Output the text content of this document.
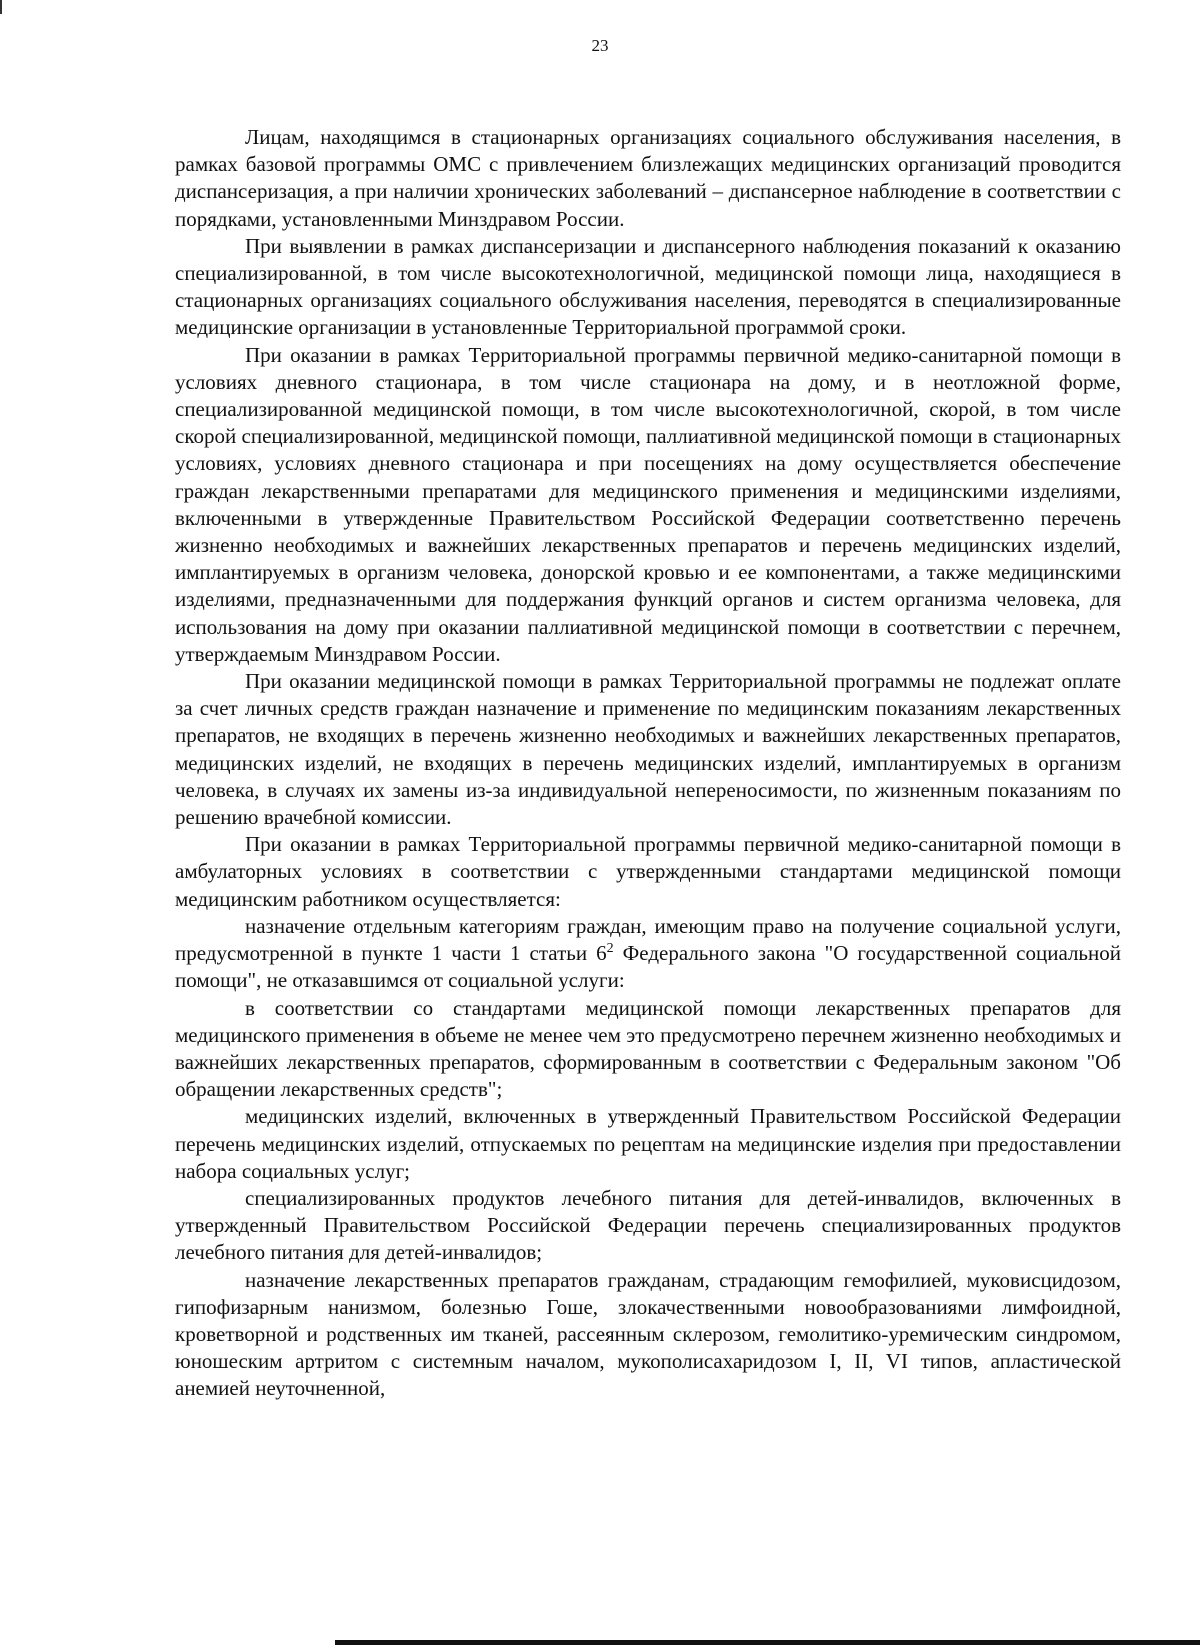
23

Лицам, находящимся в стационарных организациях социального обслуживания населения, в рамках базовой программы ОМС с привлечением близлежащих медицинских организаций проводится диспансеризация, а при наличии хронических заболеваний – диспансерное наблюдение в соответствии с порядками, установленными Минздравом России.

При выявлении в рамках диспансеризации и диспансерного наблюдения показаний к оказанию специализированной, в том числе высокотехнологичной, медицинской помощи лица, находящиеся в стационарных организациях социального обслуживания населения, переводятся в специализированные медицинские организации в установленные Территориальной программой сроки.

При оказании в рамках Территориальной программы первичной медико-санитарной помощи в условиях дневного стационара, в том числе стационара на дому, и в неотложной форме, специализированной медицинской помощи, в том числе высокотехнологичной, скорой, в том числе скорой специализированной, медицинской помощи, паллиативной медицинской помощи в стационарных условиях, условиях дневного стационара и при посещениях на дому осуществляется обеспечение граждан лекарственными препаратами для медицинского применения и медицинскими изделиями, включенными в утвержденные Правительством Российской Федерации соответственно перечень жизненно необходимых и важнейших лекарственных препаратов и перечень медицинских изделий, имплантируемых в организм человека, донорской кровью и ее компонентами, а также медицинскими изделиями, предназначенными для поддержания функций органов и систем организма человека, для использования на дому при оказании паллиативной медицинской помощи в соответствии с перечнем, утверждаемым Минздравом России.

При оказании медицинской помощи в рамках Территориальной программы не подлежат оплате за счет личных средств граждан назначение и применение по медицинским показаниям лекарственных препаратов, не входящих в перечень жизненно необходимых и важнейших лекарственных препаратов, медицинских изделий, не входящих в перечень медицинских изделий, имплантируемых в организм человека, в случаях их замены из-за индивидуальной непереносимости, по жизненным показаниям по решению врачебной комиссии.

При оказании в рамках Территориальной программы первичной медико-санитарной помощи в амбулаторных условиях в соответствии с утвержденными стандартами медицинской помощи медицинским работником осуществляется:

назначение отдельным категориям граждан, имеющим право на получение социальной услуги, предусмотренной в пункте 1 части 1 статьи $6^2$ Федерального закона "О государственной социальной помощи", не отказавшимся от социальной услуги:

в соответствии со стандартами медицинской помощи лекарственных препаратов для медицинского применения в объеме не менее чем это предусмотрено перечнем жизненно необходимых и важнейших лекарственных препаратов, сформированным в соответствии с Федеральным законом "Об обращении лекарственных средств";

медицинских изделий, включенных в утвержденный Правительством Российской Федерации перечень медицинских изделий, отпускаемых по рецептам на медицинские изделия при предоставлении набора социальных услуг;

специализированных продуктов лечебного питания для детей-инвалидов, включенных в утвержденный Правительством Российской Федерации перечень специализированных продуктов лечебного питания для детей-инвалидов;

назначение лекарственных препаратов гражданам, страдающим гемофилией, муковисцидозом, гипофизарным нанизмом, болезнью Гоше, злокачественными новообразованиями лимфоидной, кроветворной и родственных им тканей, рассеянным склерозом, гемолитико-уремическим синдромом, юношеским артритом с системным началом, мукополисахаридозом I, II, VI типов, апластической анемией неуточненной,
